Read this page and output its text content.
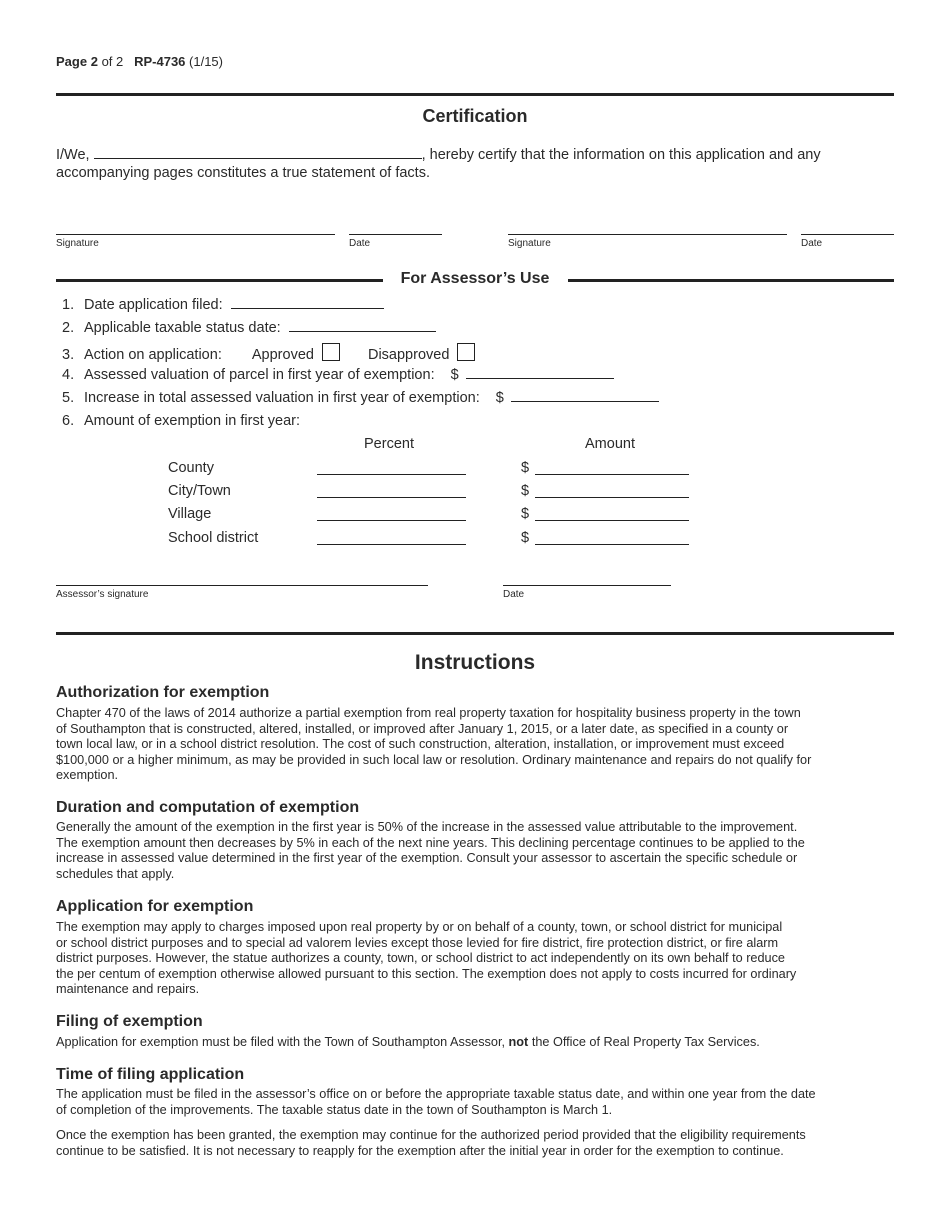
Page 2 of 2 RP-4736 (1/15)
Certification
I/We,	, hereby certify that the information on this application and any
accompanying pages constitutes a true statement of facts.
Signature	Date	Signature	Date
For Assessor’s Use
1. Date application filed:
2. Applicable taxable status date:
3. Action on application: Approved	Disapproved
4. Assessed valuation of parcel in first year of exemption: $
5. Increase in total assessed valuation in first year of exemption: $
6. Amount of exemption in first year:
Percent	Amount
County	$
City/Town	$
Village	$
School district	$
Assessor’s signature	Date
Instructions
Authorization for exemption
Chapter 470 of the laws of 2014 authorize a partial exemption from real property taxation for hospitality business property in the town
of Southampton that is constructed, altered, installed, or improved after January 1, 2015, or a later date, as specified in a county or
town local law, or in a school district resolution. The cost of such construction, alteration, installation, or improvement must exceed
$100,000 or a higher minimum, as may be provided in such local law or resolution. Ordinary maintenance and repairs do not qualify for
exemption.
Duration and computation of exemption
Generally the amount of the exemption in the first year is 50% of the increase in the assessed value attributable to the improvement.
The exemption amount then decreases by 5% in each of the next nine years. This declining percentage continues to be applied to the
increase in assessed value determined in the first year of the exemption. Consult your assessor to ascertain the specific schedule or
schedules that apply.
Application for exemption
The exemption may apply to charges imposed upon real property by or on behalf of a county, town, or school district for municipal
or school district purposes and to special ad valorem levies except those levied for fire district, fire protection district, or fire alarm
district purposes. However, the statue authorizes a county, town, or school district to act independently on its own behalf to reduce
the per centum of exemption otherwise allowed pursuant to this section. The exemption does not apply to costs incurred for ordinary
maintenance and repairs.
Filing of exemption
Application for exemption must be filed with the Town of Southampton Assessor, not the Office of Real Property Tax Services.
Time of filing application
The application must be filed in the assessor’s office on or before the appropriate taxable status date, and within one year from the date
of completion of the improvements. The taxable status date in the town of Southampton is March 1.
Once the exemption has been granted, the exemption may continue for the authorized period provided that the eligibility requirements
continue to be satisfied. It is not necessary to reapply for the exemption after the initial year in order for the exemption to continue.
